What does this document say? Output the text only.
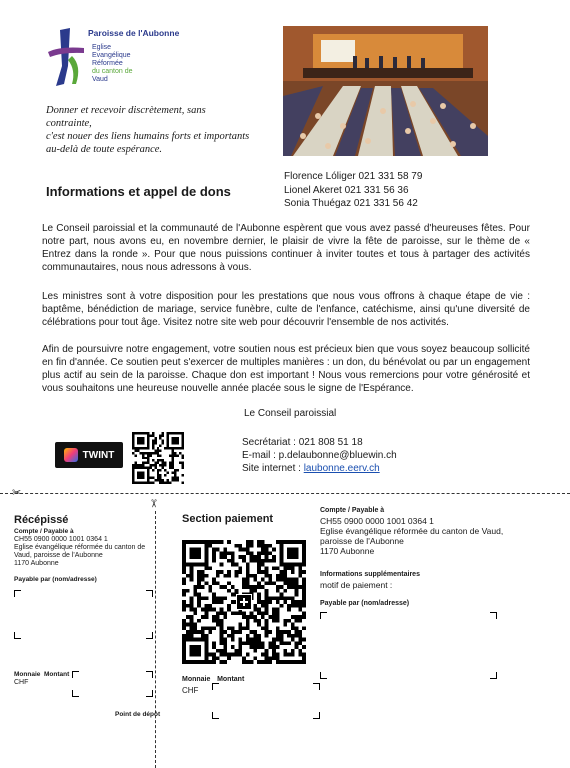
Paroisse de l'Aubonne
Eglise
Evangélique
Réformée
du canton de
Vaud
Donner et recevoir discrètement, sans
contrainte,
c'est nouer des liens humains forts et importants
au-delà de toute espérance.
Informations et appel de dons
Florence Lóliger 021 331 58 79
Lionel Akeret 021 331 56 36
Sonia Thuégaz 021 331 56 42

Le Conseil paroissial et la communauté de l'Aubonne espèrent que vous avez passé d'heureuses fêtes. Pour notre part, nous avons eu, en novembre dernier, le plaisir de vivre la fête de paroisse, sur le thème de « Entrez dans la ronde ». Pour que nous puissions continuer à inviter toutes et tous à partager des activités communautaires, nous nous adressons à vous.

Les ministres sont à votre disposition pour les prestations que nous vous offrons à chaque étape de vie : baptême, bénédiction de mariage, service funèbre, culte de l'enfance, catéchisme, ainsi qu'une diversité de célébrations pour tout âge. Visitez notre site web pour découvrir l'ensemble de nos activités.

Afin de poursuivre notre engagement, votre soutien nous est précieux bien que vous soyez beaucoup sollicité en fin d'année. Ce soutien peut s'exercer de multiples manières : un don, du bénévolat ou par un engagement plus actif au sein de la paroisse. Chaque don est important ! Nous vous remercions pour votre générosité et vous souhaitons une heureuse nouvelle année placée sous le signe de l'Espérance.

Le Conseil paroissial
TWINT
Secrétariat : 021 808 51 18
E-mail : p.delaubonne@bluewin.ch
Site internet : laubonne.eerv.ch
✂
✂
Récépissé
Compte / Payable à
CH55 0900 0000 1001 0364 1
Eglise évangélique réformée du canton de
Vaud, paroisse de l'Aubonne
1170 Aubonne
Payable par (nom/adresse)
Monnaie Montant
CHF
Point de dépôt
Section paiement
Monnaie Montant
CHF
Compte / Payable à
CH55 0900 0000 1001 0364 1
Eglise évangélique réformée du canton de Vaud,
paroisse de l'Aubonne
1170 Aubonne
Informations supplémentaires
motif de paiement :
Payable par (nom/adresse)
